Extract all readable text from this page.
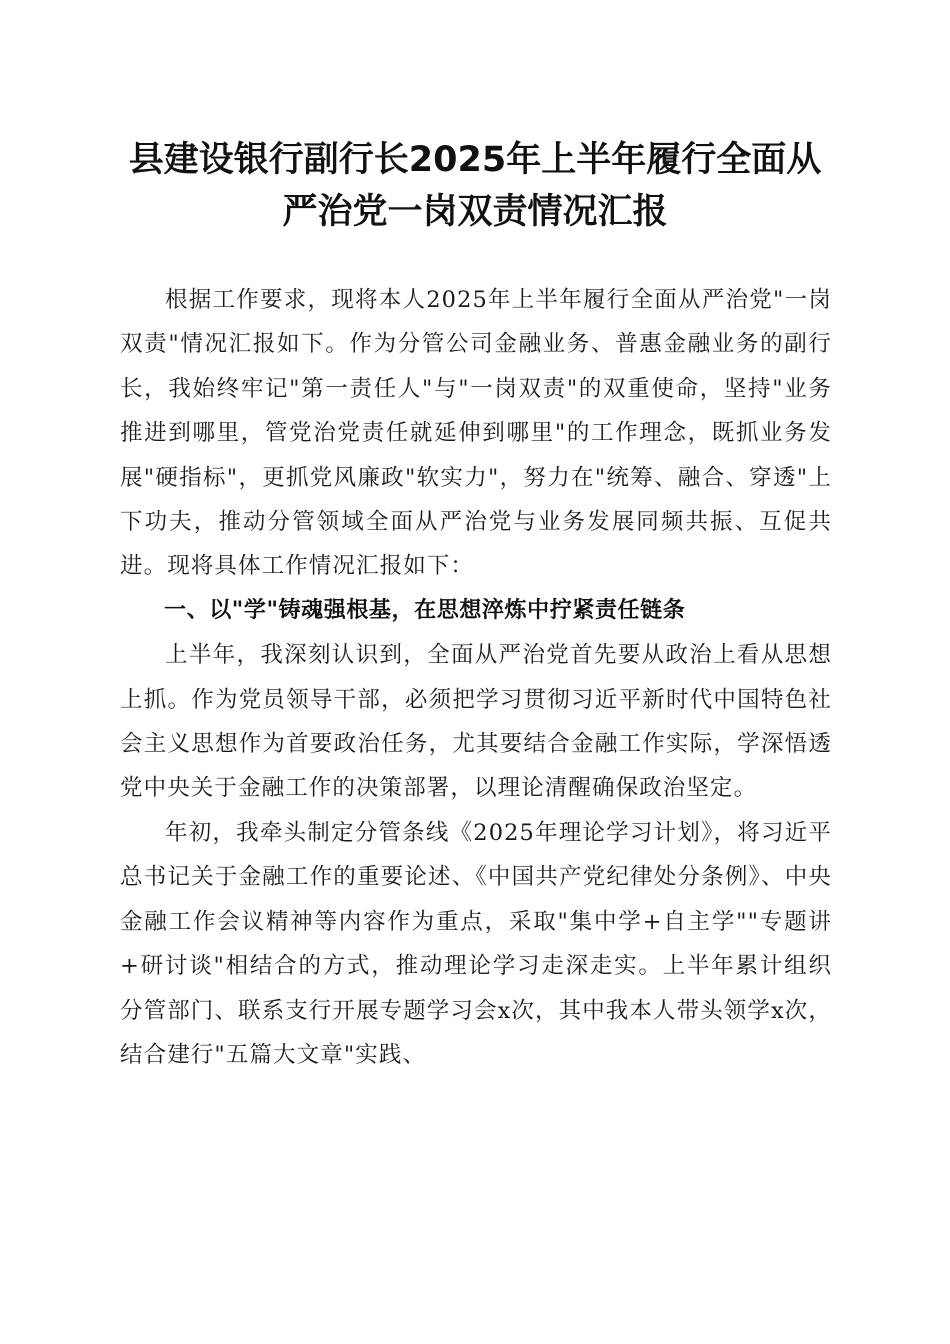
县建设银行副行长2025年上半年履行全面从
严治党一岗双责情况汇报

根据工作要求，现将本人2025年上半年履行全面从严治党"一岗双责"情况汇报如下。作为分管公司金融业务、普惠金融业务的副行长，我始终牢记"第一责任人"与"一岗双责"的双重使命，坚持"业务推进到哪里，管党治党责任就延伸到哪里"的工作理念，既抓业务发展"硬指标"，更抓党风廉政"软实力"，努力在"统筹、融合、穿透"上下功夫，推动分管领域全面从严治党与业务发展同频共振、互促共进。现将具体工作情况汇报如下：

一、以"学"铸魂强根基，在思想淬炼中拧紧责任链条

上半年，我深刻认识到，全面从严治党首先要从政治上看从思想上抓。作为党员领导干部，必须把学习贯彻习近平新时代中国特色社会主义思想作为首要政治任务，尤其要结合金融工作实际，学深悟透党中央关于金融工作的决策部署，以理论清醒确保政治坚定。

年初，我牵头制定分管条线《2025年理论学习计划》，将习近平总书记关于金融工作的重要论述、《中国共产党纪律处分条例》、中央金融工作会议精神等内容作为重点，采取"集中学+自主学""专题讲+研讨谈"相结合的方式，推动理论学习走深走实。上半年累计组织分管部门、联系支行开展专题学习会x次，其中我本人带头领学x次，结合建行"五篇大文章"实践、
